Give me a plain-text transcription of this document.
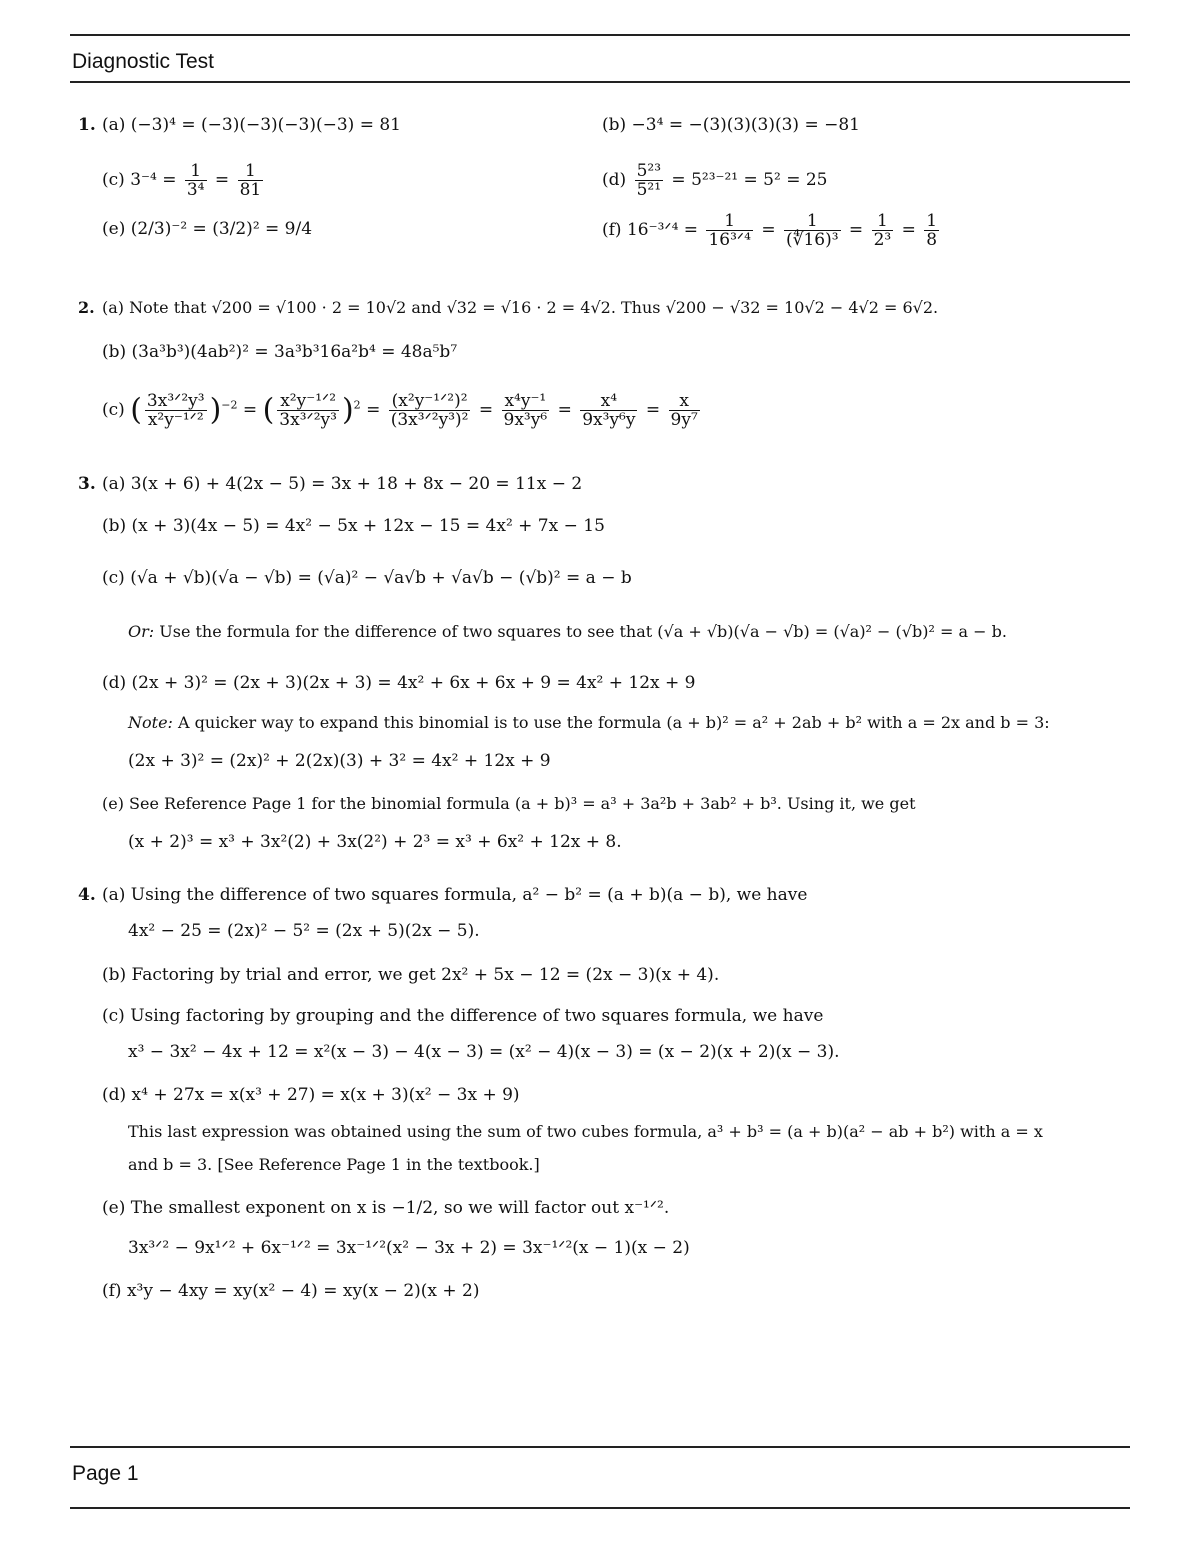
Diagnostic Test
1. (a) (−3)⁴ = (−3)(−3)(−3)(−3) = 81	(b) −3⁴ = −(3)(3)(3)(3) = −81
(c) $3^{-4} = \frac{1}{\text{3⁴}} = \frac{1}{81}$	$(d) \frac{\text{5²³}}{\text{5²¹}} = 5^{23-21} = 5^2 = 25$
(e) (2/3)⁻² = (3/2)² = 9/4	(f) 16⁻³ᐟ⁴ = $\frac{1}{\text{16³ᐟ⁴}} = \frac{1}{\text{(∜16)³}} = \frac{1}{\text{2³}} = \frac{1}{8}$
2. (a) Note that √200 = √100 · 2 = 10√2 and √32 = √16 · 2 = 4√2. Thus √200 − √32 = 10√2 − 4√2 = 6√2.
(b) (3a³b³)(4ab²)² = 3a³b³16a²b⁴ = 48a⁵b⁷
(c) ( $\frac{\text{3x³ᐟ²y³}}{\text{x²y⁻¹ᐟ²}} )^{-2}$ = ( $\frac{\text{x²y⁻¹ᐟ²}}{\text{3x³ᐟ²y³}} )^2 = \frac{\text{(x²y⁻¹ᐟ²)²}}{\text{(3x³ᐟ²y³)²}} = \frac{\text{x⁴y⁻¹}}{\text{9x³y⁶}} = \frac{\text{x⁴}}{\text{9x³y⁶y}} = \frac{x}{\text{9y⁷}}$
3. (a) 3(x + 6) + 4(2x − 5) = 3x + 18 + 8x − 20 = 11x − 2
(b) (x + 3)(4x − 5) = 4x² − 5x + 12x − 15 = 4x² + 7x − 15
(c) (√a + √b)(√a − √b) = (√a)² − √a√b + √a√b − (√b)² = a − b
Or: Use the formula for the difference of two squares to see that (√a + √b)(√a − √b) = (√a)² − (√b)² = a − b.
(d) (2x + 3)² = (2x + 3)(2x + 3) = 4x² + 6x + 6x + 9 = 4x² + 12x + 9
Note: A quicker way to expand this binomial is to use the formula (a + b)² = a² + 2ab + b² with a = 2x and b = 3:
(2x + 3)² = (2x)² + 2(2x)(3) + 3² = 4x² + 12x + 9
(e) See Reference Page 1 for the binomial formula (a + b)³ = a³ + 3a²b + 3ab² + b³. Using it, we get
(x + 2)³ = x³ + 3x²(2) + 3x(2²) + 2³ = x³ + 6x² + 12x + 8.
4. (a) Using the difference of two squares formula, a² − b² = (a + b)(a − b), we have
4x² − 25 = (2x)² − 5² = (2x + 5)(2x − 5).
(b) Factoring by trial and error, we get 2x² + 5x − 12 = (2x − 3)(x + 4).
(c) Using factoring by grouping and the difference of two squares formula, we have
x³ − 3x² − 4x + 12 = x²(x − 3) − 4(x − 3) = (x² − 4)(x − 3) = (x − 2)(x + 2)(x − 3).
(d) x⁴ + 27x = x(x³ + 27) = x(x + 3)(x² − 3x + 9)
This last expression was obtained using the sum of two cubes formula, a³ + b³ = (a + b)(a² − ab + b²) with a = x
and b = 3. [See Reference Page 1 in the textbook.]
(e) The smallest exponent on x is −1/2, so we will factor out x⁻¹ᐟ².
3x³ᐟ² − 9x¹ᐟ² + 6x⁻¹ᐟ² = 3x⁻¹ᐟ²(x² − 3x + 2) = 3x⁻¹ᐟ²(x − 1)(x − 2)
(f) x³y − 4xy = xy(x² − 4) = xy(x − 2)(x + 2)
Page 1
